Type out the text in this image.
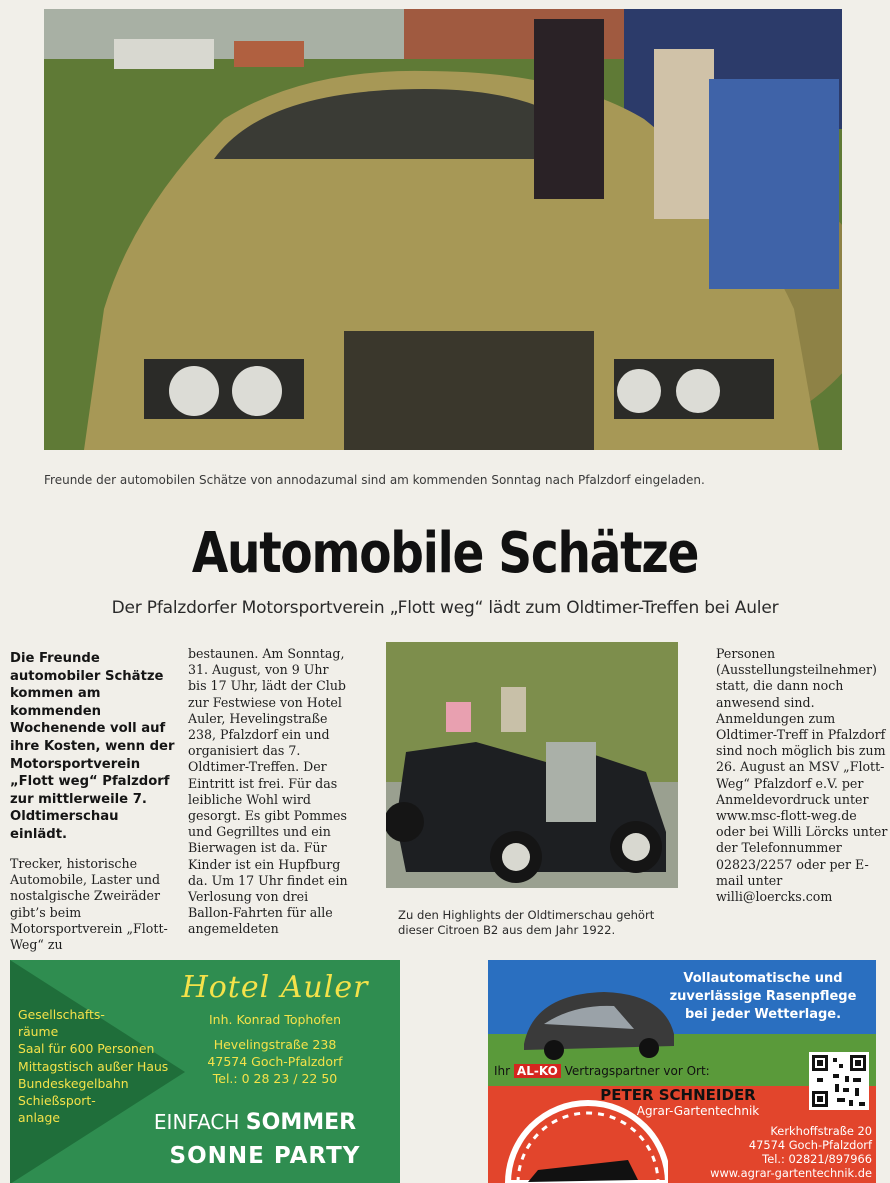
Freunde der automobilen Schätze von annodazumal sind am kommenden Sonntag nach Pfalzdorf eingeladen.
Automobile Schätze
Der Pfalzdorfer Motorsportverein „Flott weg“ lädt zum Oldtimer-Treffen bei Auler
Die Freunde automobiler Schätze kommen am kommenden Wochenende voll auf ihre Kosten, wenn der Motorsportverein „Flott weg“ Pfalzdorf zur mittlerweile 7. Oldtimerschau einlädt.
Trecker, historische Automobile, Laster und nostalgische Zweiräder gibt’s beim Motorsportverein „Flott-Weg“ zu
bestaunen. Am Sonntag, 31. August, von 9 Uhr bis 17 Uhr, lädt der Club zur Festwiese von Hotel Auler, Hevelingstraße 238, Pfalzdorf ein und organisiert das 7. Oldtimer-Treffen. Der Eintritt ist frei. Für das leibliche Wohl wird gesorgt. Es gibt Pommes und Gegrilltes und ein Bierwagen ist da. Für Kinder ist ein Hupfburg da. Um 17 Uhr findet ein Verlosung von drei Ballon-Fahrten für alle angemeldeten
Zu den Highlights der Oldtimerschau gehört dieser Citroen B2 aus dem Jahr 1922.
Personen (Ausstellungsteilnehmer) statt, die dann noch anwesend sind. Anmeldungen zum Oldtimer-Treff in Pfalzdorf sind noch möglich bis zum 26. August an MSV „Flott-Weg“ Pfalzdorf e.V. per Anmeldevordruck unter www.msc-flott-weg.de oder bei Willi Lörcks unter der Telefonnummer 02823/2257 oder per E-mail unter willi@loercks.com
Hotel Auler
Inh. Konrad Tophofen
Hevelingstraße 238
47574 Goch-Pfalzdorf
Tel.: 0 28 23 / 22 50
Gesellschafts-
räume
Saal für 600 Personen
Mittagstisch außer Haus
Bundeskegelbahn
Schießsport-
anlage	EINFACH SOMMER
SONNE PARTY
Vollautomatische und zuverlässige Rasenpflege bei jeder Wetterlage.
Ihr AL-KO Vertragspartner vor Ort:
PETER SCHNEIDER
Agrar-Gartentechnik
Kerkhoffstraße 20
47574 Goch-Pfalzdorf
Tel.: 02821/897966
www.agrar-gartentechnik.de
